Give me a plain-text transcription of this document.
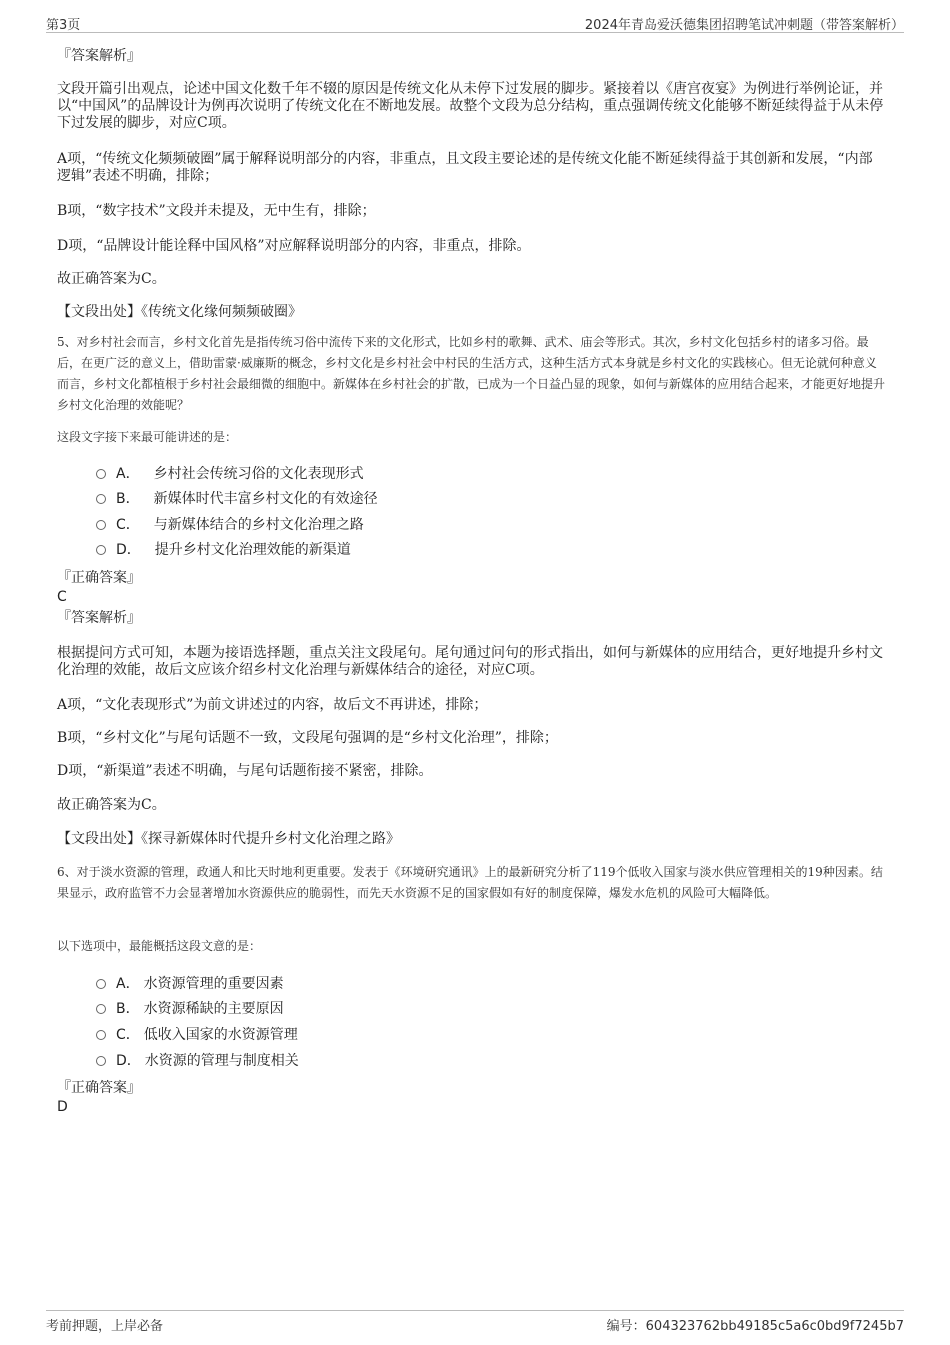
第3页	2024年青岛爱沃德集团招聘笔试冲刺题（带答案解析）
『答案解析』
文段开篇引出观点，论述中国文化数千年不辍的原因是传统文化从未停下过发展的脚步。紧接着以《唐宫夜宴》为例进行举例论证，并以“中国风”的品牌设计为例再次说明了传统文化在不断地发展。故整个文段为总分结构，重点强调传统文化能够不断延续得益于从未停下过发展的脚步，对应C项。
A项，“传统文化频频破圈”属于解释说明部分的内容，非重点，且文段主要论述的是传统文化能不断延续得益于其创新和发展，“内部逻辑”表述不明确，排除；
B项，“数字技术”文段并未提及，无中生有，排除；
D项，“品牌设计能诠释中国风格”对应解释说明部分的内容，非重点，排除。
故正确答案为C。
【文段出处】《传统文化缘何频频破圈》
5、对乡村社会而言，乡村文化首先是指传统习俗中流传下来的文化形式，比如乡村的歌舞、武术、庙会等形式。其次，乡村文化包括乡村的诸多习俗。最后，在更广泛的意义上，借助雷蒙·威廉斯的概念，乡村文化是乡村社会中村民的生活方式，这种生活方式本身就是乡村文化的实践核心。但无论就何种意义而言，乡村文化都植根于乡村社会最细微的细胞中。新媒体在乡村社会的扩散，已成为一个日益凸显的现象，如何与新媒体的应用结合起来，才能更好地提升乡村文化治理的效能呢？
这段文字接下来最可能讲述的是：
A． 乡村社会传统习俗的文化表现形式
B． 新媒体时代丰富乡村文化的有效途径
C． 与新媒体结合的乡村文化治理之路
D． 提升乡村文化治理效能的新渠道
『正确答案』
C
『答案解析』
根据提问方式可知，本题为接语选择题，重点关注文段尾句。尾句通过问句的形式指出，如何与新媒体的应用结合，更好地提升乡村文化治理的效能，故后文应该介绍乡村文化治理与新媒体结合的途径，对应C项。
A项，“文化表现形式”为前文讲述过的内容，故后文不再讲述，排除；
B项，“乡村文化”与尾句话题不一致，文段尾句强调的是“乡村文化治理”，排除；
D项，“新渠道”表述不明确，与尾句话题衔接不紧密，排除。
故正确答案为C。
【文段出处】《探寻新媒体时代提升乡村文化治理之路》
6、对于淡水资源的管理，政通人和比天时地利更重要。发表于《环境研究通讯》上的最新研究分析了119个低收入国家与淡水供应管理相关的19种因素。结果显示，政府监管不力会显著增加水资源供应的脆弱性，而先天水资源不足的国家假如有好的制度保障，爆发水危机的风险可大幅降低。
以下选项中，最能概括这段文意的是：
A． 水资源管理的重要因素
B． 水资源稀缺的主要原因
C． 低收入国家的水资源管理
D． 水资源的管理与制度相关
『正确答案』
D
考前押题，上岸必备	编号：604323762bb49185c5a6c0bd9f7245b7
